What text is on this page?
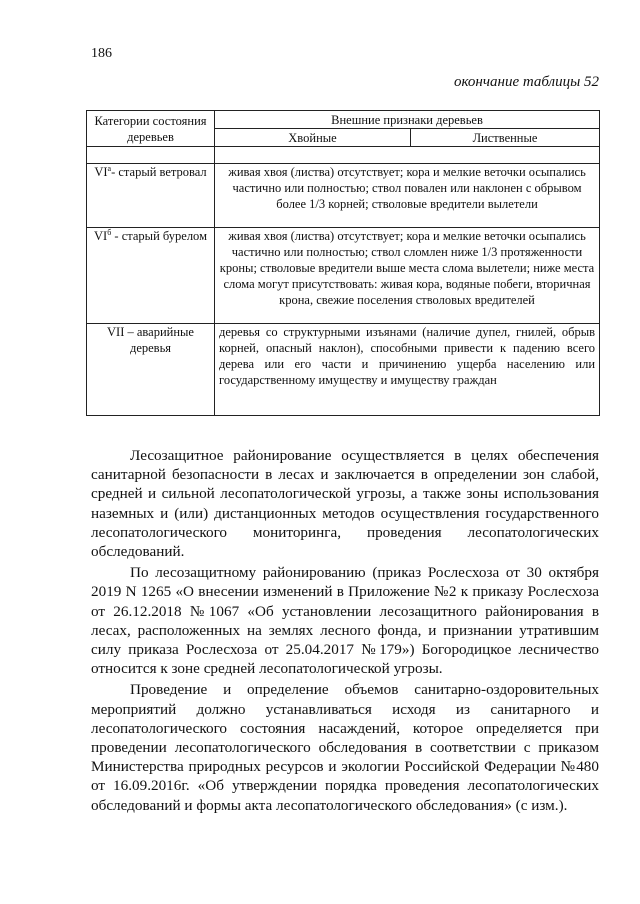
186
окончание таблицы 52
Категории состояния деревьев	Внешние признаки деревьев	
	Хвойные	Лиственные

$VI^а-$ старый ветровал	живая хвоя (листва) отсутствует; кора и мелкие веточки осыпались частично или полностью; ствол повален или наклонен с обрывом более 1/3 корней; стволовые вредители вылетели	
$VI^б$ - старый бурелом	живая хвоя (листва) отсутствует; кора и мелкие веточки осыпались частично или полностью; ствол сломлен ниже 1/3 протяженности кроны; стволовые вредители выше места слома вылетели; ниже места слома могут присутствовать: живая кора, водяные побеги, вторичная крона, свежие поселения стволовых вредителей	
VII – аварийные деревья	деревья со структурными изъянами (наличие дупел, гнилей, обрыв корней, опасный наклон), способными привести к падению всего дерева или его части и причинению ущерба населению или государственному имуществу и имуществу граждан	

Лесозащитное районирование осуществляется в целях обеспечения санитарной безопасности в лесах и заключается в определении зон слабой, средней и сильной лесопатологической угрозы, а также зоны использования наземных и (или) дистанционных методов осуществления государственного лесопатологического мониторинга, проведения лесопатологических обследований.

По лесозащитному районированию (приказ Рослесхоза от 30 октября 2019 N 1265 «О внесении изменений в Приложение №2 к приказу Рослесхоза от 26.12.2018 №1067 «Об установлении лесозащитного районирования в лесах, расположенных на землях лесного фонда, и признании утратившим силу приказа Рослесхоза от 25.04.2017 №179») Богородицкое лесничество относится к зоне средней лесопатологической угрозы.

Проведение и определение объемов санитарно-оздоровительных мероприятий должно устанавливаться исходя из санитарного и лесопатологического состояния насаждений, которое определяется при проведении лесопатологического обследования в соответствии с приказом Министерства природных ресурсов и экологии Российской Федерации №480 от 16.09.2016г. «Об утверждении порядка проведения лесопатологических обследований и формы акта лесопатологического обследования» (с изм.).
